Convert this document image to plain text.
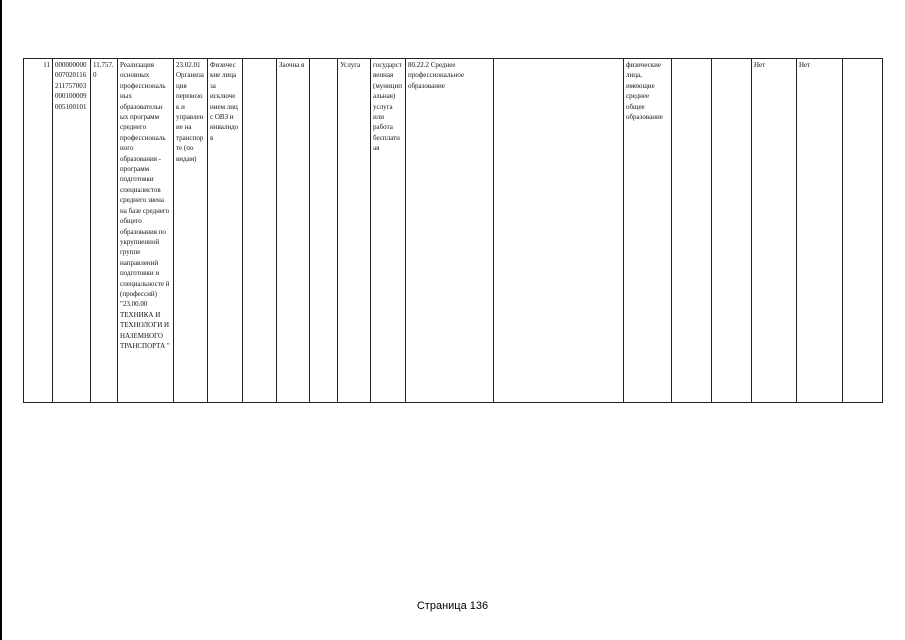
11	000000000 007020116 211757003 000100009 005100101	11.757. 0	Реализация основных профессиональ ных образовательн ых программ среднего профессиональ ного образования - программ подготовки специалистов среднего звена на базе среднего общего образования по укрупненной группе направлений подготовки и специальносте й (профессий) "23.00.00 ТЕХНИКА И ТЕХНОЛОГИ И НАЗЕМНОГО ТРАНСПОРТА "	23.02.01 Организа ция перевозо к и управлен ие на транспор те (по видам)	Физичес кие лица за исключе нием лиц с ОВЗ и инвалидо в		Заочна я		Услуга	государст венная (муницип альная) услуга или работа бесплатн ая	80.22.2 Среднее профессиональное образование		физические лица, имеющие среднее общее образование			Нет	Нет	
Страница 136
